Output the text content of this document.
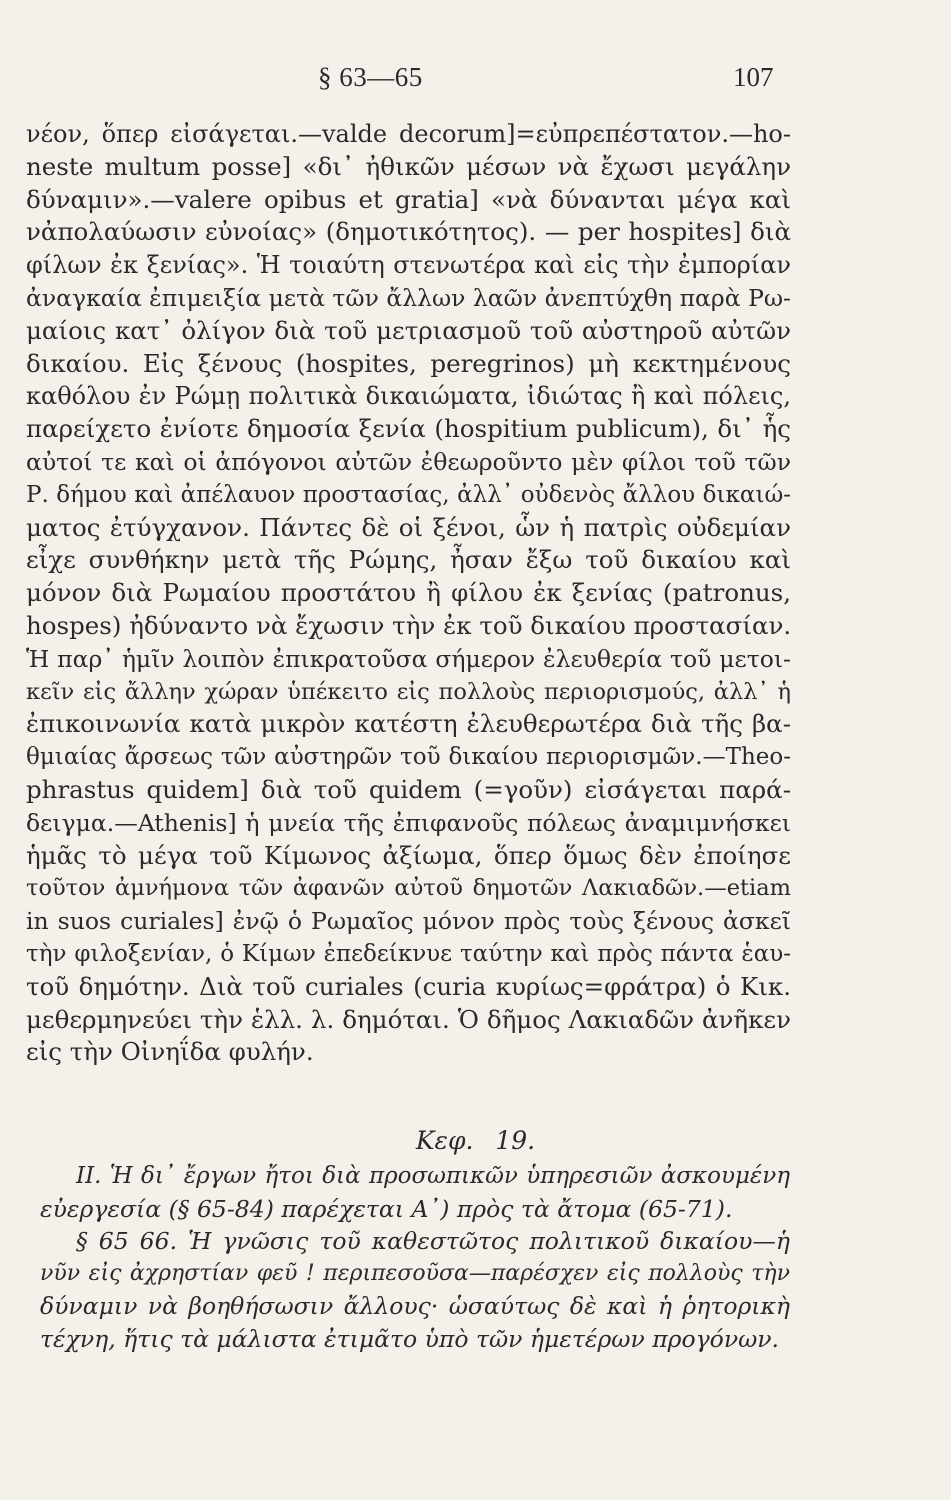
§ 63—65	107
νέον, ὅπερ εἰσάγεται.—valde decorum]=εὐπρεπέστατον.—ho-
neste multum posse] «δι᾽ ἠθικῶν μέσων νὰ ἔχωσι μεγάλην
δύναμιν».—valere opibus et gratia] «νὰ δύνανται μέγα καὶ
νἀπολαύωσιν εὐνοίας» (δημοτικότητος). — per hospites] διὰ
φίλων ἐκ ξενίας». Ἡ τοιαύτη στενωτέρα καὶ εἰς τὴν ἐμπορίαν
ἀναγκαία ἐπιμειξία μετὰ τῶν ἄλλων λαῶν ἀνεπτύχθη παρὰ Ρω-
μαίοις κατ᾽ ὀλίγον διὰ τοῦ μετριασμοῦ τοῦ αὐστηροῦ αὐτῶν
δικαίου. Εἰς ξένους (hospites, peregrinos) μὴ κεκτημένους
καθόλου ἐν Ρώμῃ πολιτικὰ δικαιώματα, ἰδιώτας ἢ καὶ πόλεις,
παρείχετο ἐνίοτε δημοσία ξενία (hospitium publicum), δι᾽ ἧς
αὐτοί τε καὶ οἱ ἀπόγονοι αὐτῶν ἐθεωροῦντο μὲν φίλοι τοῦ τῶν
Ρ. δήμου καὶ ἀπέλαυον προστασίας, ἀλλ᾽ οὐδενὸς ἄλλου δικαιώ-
ματος ἐτύγχανον. Πάντες δὲ οἱ ξένοι, ὧν ἡ πατρὶς οὐδεμίαν
εἶχε συνθήκην μετὰ τῆς Ρώμης, ἦσαν ἔξω τοῦ δικαίου καὶ
μόνον διὰ Ρωμαίου προστάτου ἢ φίλου ἐκ ξενίας (patronus,
hospes) ἠδύναντο νὰ ἔχωσιν τὴν ἐκ τοῦ δικαίου προστασίαν.
Ἡ παρ᾽ ἡμῖν λοιπὸν ἐπικρατοῦσα σήμερον ἐλευθερία τοῦ μετοι-
κεῖν εἰς ἄλλην χώραν ὑπέκειτο εἰς πολλοὺς περιορισμούς, ἀλλ᾽ ἡ
ἐπικοινωνία κατὰ μικρὸν κατέστη ἐλευθερωτέρα διὰ τῆς βα-
θμιαίας ἄρσεως τῶν αὐστηρῶν τοῦ δικαίου περιορισμῶν.—Theo-
phrastus quidem] διὰ τοῦ quidem (=γοῦν) εἰσάγεται παρά-
δειγμα.—Athenis] ἡ μνεία τῆς ἐπιφανοῦς πόλεως ἀναμιμνήσκει
ἡμᾶς τὸ μέγα τοῦ Κίμωνος ἀξίωμα, ὅπερ ὅμως δὲν ἐποίησε
τοῦτον ἀμνήμονα τῶν ἀφανῶν αὐτοῦ δημοτῶν Λακιαδῶν.—etiam
in suos curiales] ἐνῷ ὁ Ρωμαῖος μόνον πρὸς τοὺς ξένους ἀσκεῖ
τὴν φιλοξενίαν, ὁ Κίμων ἐπεδείκνυε ταύτην καὶ πρὸς πάντα ἑαυ-
τοῦ δημότην. Διὰ τοῦ curiales (curia κυρίως=φράτρα) ὁ Κικ.
μεθερμηνεύει τὴν ἑλλ. λ. δημόται. Ὁ δῆμος Λακιαδῶν ἀνῆκεν
εἰς τὴν Οἰνηΐδα φυλήν.
Κεφ. 19.
II. Ἡ δι᾽ ἔργων ἤτοι διὰ προσωπικῶν ὑπηρεσιῶν ἀσκουμένη
εὐεργεσία (§ 65-84) παρέχεται Α᾽) πρὸς τὰ ἄτομα (65-71).
§ 65 66. Ἡ γνῶσις τοῦ καθεστῶτος πολιτικοῦ δικαίου—ἡ
νῦν εἰς ἀχρηστίαν φεῦ ! περιπεσοῦσα—παρέσχεν εἰς πολλοὺς τὴν
δύναμιν νὰ βοηθήσωσιν ἄλλους· ὡσαύτως δὲ καὶ ἡ ῥητορικὴ
τέχνη, ἥτις τὰ μάλιστα ἐτιμᾶτο ὑπὸ τῶν ἡμετέρων προγόνων.
